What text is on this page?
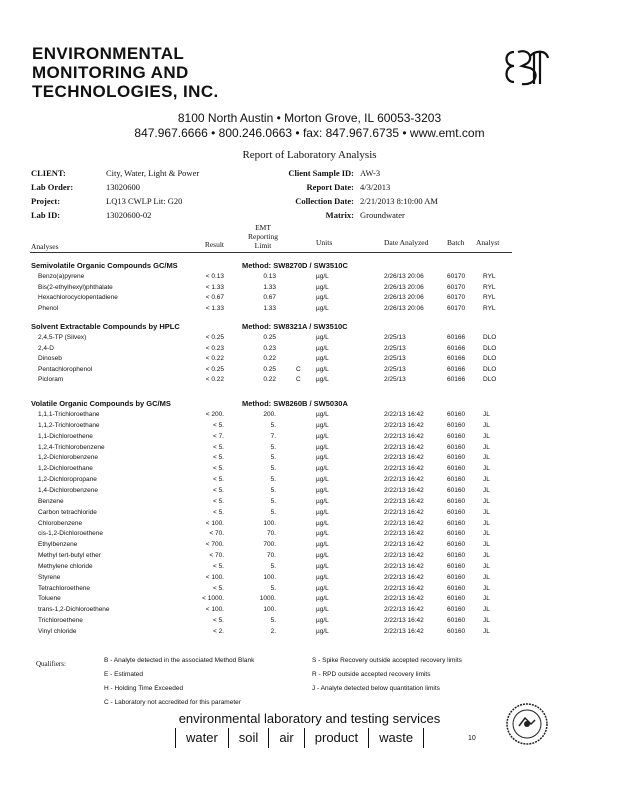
ENVIRONMENTAL
MONITORING AND
TECHNOLOGIES, INC.
8100 North Austin • Morton Grove, IL 60053-3203
847.967.6666 • 800.246.0663 • fax: 847.967.6735 • www.emt.com
Report of Laboratory Analysis
CLIENT:	City, Water, Light & Power
Lab Order:	13020600
Project:	LQ13 CWLP Lit: G20
Lab ID:	13020600-02
Client Sample ID: AW-3
Report Date: 4/3/2013
Collection Date: 2/21/2013 8:10:00 AM
Matrix: Groundwater
Analyses	Result
EMT
Reporting
Limit	Units	Date Analyzed Batch Analyst
Semivolatile Organic Compounds GC/MS	Method: SW8270D / SW3510C
Benzo(a)pyrene	< 0.13	0.13	µg/L	2/26/13 20:06	60170	RYL
Bis(2-ethylhexyl)phthalate	< 1.33	1.33	µg/L	2/26/13 20:06	60170	RYL
Hexachlorocyclopentadiene	< 0.67	0.67	µg/L	2/26/13 20:06	60170	RYL
Phenol	< 1.33	1.33	µg/L	2/26/13 20:06	60170	RYL
Solvent Extractable Compounds by HPLC	Method: SW8321A / SW3510C
2,4,5-TP (Silvex)	< 0.25	0.25	µg/L	2/25/13	60166	DLO
2,4-D	< 0.23	0.23	µg/L	2/25/13	60166	DLO
Dinoseb	< 0.22	0.22	µg/L	2/25/13	60166	DLO
Pentachlorophenol	< 0.25	0.25	C	µg/L	2/25/13	60166	DLO
Picloram	< 0.22	0.22	C	µg/L	2/25/13	60166	DLO
Volatile Organic Compounds by GC/MS	Method: SW8260B / SW5030A
1,1,1-Trichloroethane	< 200.	200.	µg/L	2/22/13 16:42	60160	JL
1,1,2-Trichloroethane	< 5.	5.	µg/L	2/22/13 16:42	60160	JL
1,1-Dichloroethene	< 7.	7.	µg/L	2/22/13 16:42	60160	JL
1,2,4-Trichlorobenzene	< 5.	5.	µg/L	2/22/13 16:42	60160	JL
1,2-Dichlorobenzene	< 5.	5.	µg/L	2/22/13 16:42	60160	JL
1,2-Dichloroethane	< 5.	5.	µg/L	2/22/13 16:42	60160	JL
1,2-Dichloropropane	< 5.	5.	µg/L	2/22/13 16:42	60160	JL
1,4-Dichlorobenzene	< 5.	5.	µg/L	2/22/13 16:42	60160	JL
Benzene	< 5.	5.	µg/L	2/22/13 16:42	60160	JL
Carbon tetrachloride	< 5.	5.	µg/L	2/22/13 16:42	60160	JL
Chlorobenzene	< 100.	100.	µg/L	2/22/13 16:42	60160	JL
cis-1,2-Dichloroethene	< 70.	70.	µg/L	2/22/13 16:42	60160	JL
Ethylbenzene	< 700.	700.	µg/L	2/22/13 16:42	60160	JL
Methyl tert-butyl ether	< 70.	70.	µg/L	2/22/13 16:42	60160	JL
Methylene chloride	< 5.	5.	µg/L	2/22/13 16:42	60160	JL
Styrene	< 100.	100.	µg/L	2/22/13 16:42	60160	JL
Tetrachloroethene	< 5.	5.	µg/L	2/22/13 16:42	60160	JL
Toluene	< 1000.	1000.	µg/L	2/22/13 16:42	60160	JL
trans-1,2-Dichloroethene	< 100.	100.	µg/L	2/22/13 16:42	60160	JL
Trichloroethene	< 5.	5.	µg/L	2/22/13 16:42	60160	JL
Vinyl chloride	< 2.	2.	µg/L	2/22/13 16:42	60160	JL
Qualifiers:	B - Analyte detected in the associated Method Blank	S - Spike Recovery outside accepted recovery limits
E - Estimated	R - RPD outside accepted recovery limits
H - Holding Time Exceeded	J - Analyte detected below quantitation limits
C - Laboratory not accredited for this parameter
environmental laboratory and testing services
water	soil	air	product	waste	10
